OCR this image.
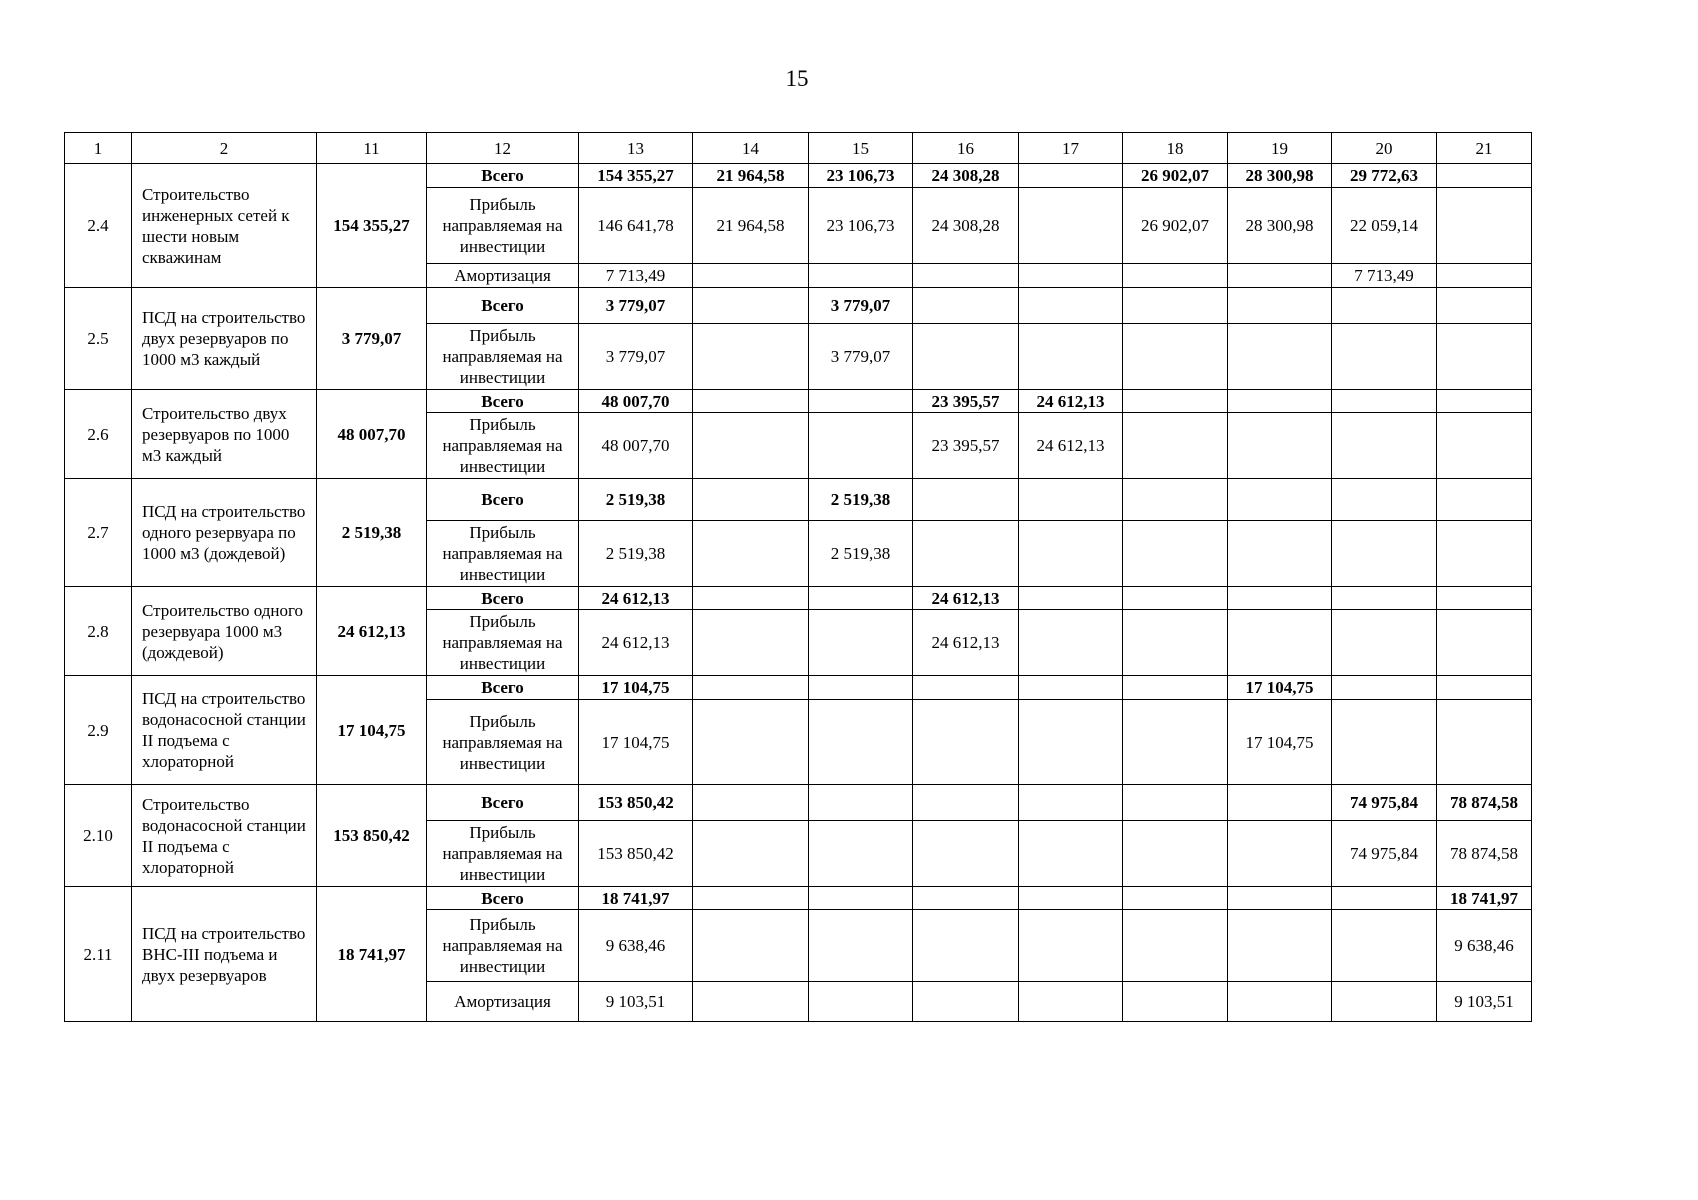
15
1	2	11	12	13	14	15	16	17	18	19	20	21
2.4	Строительство инженерных сетей к шести новым скважинам	154 355,27	Всего	154 355,27	21 964,58	23 106,73	24 308,28		26 902,07	28 300,98	29 772,63	
			Прибыль направляемая на инвестиции	146 641,78	21 964,58	23 106,73	24 308,28		26 902,07	28 300,98	22 059,14	
			Амортизация	7 713,49							7 713,49	
2.5	ПСД на строительство двух резервуаров по 1000 м3 каждый	3 779,07	Всего	3 779,07		3 779,07						
			Прибыль направляемая на инвестиции	3 779,07		3 779,07						
2.6	Строительство двух резервуаров по 1000 м3 каждый	48 007,70	Всего	48 007,70			23 395,57	24 612,13				
			Прибыль направляемая на инвестиции	48 007,70			23 395,57	24 612,13				
2.7	ПСД на строительство одного резервуара по 1000 м3 (дождевой)	2 519,38	Всего	2 519,38		2 519,38						
			Прибыль направляемая на инвестиции	2 519,38		2 519,38						
2.8	Строительство одного резервуара 1000 м3 (дождевой)	24 612,13	Всего	24 612,13			24 612,13					
			Прибыль направляемая на инвестиции	24 612,13			24 612,13					
2.9	ПСД на строительство водонасосной станции II подъема с хлораторной	17 104,75	Всего	17 104,75						17 104,75		
			Прибыль направляемая на инвестиции	17 104,75						17 104,75		
2.10	Строительство водонасосной станции II подъема с хлораторной	153 850,42	Всего	153 850,42							74 975,84	78 874,58
			Прибыль направляемая на инвестиции	153 850,42							74 975,84	78 874,58
2.11	ПСД на строительство ВНС-III подъема и двух резервуаров	18 741,97	Всего	18 741,97								18 741,97
			Прибыль направляемая на инвестиции	9 638,46								9 638,46
			Амортизация	9 103,51								9 103,51
